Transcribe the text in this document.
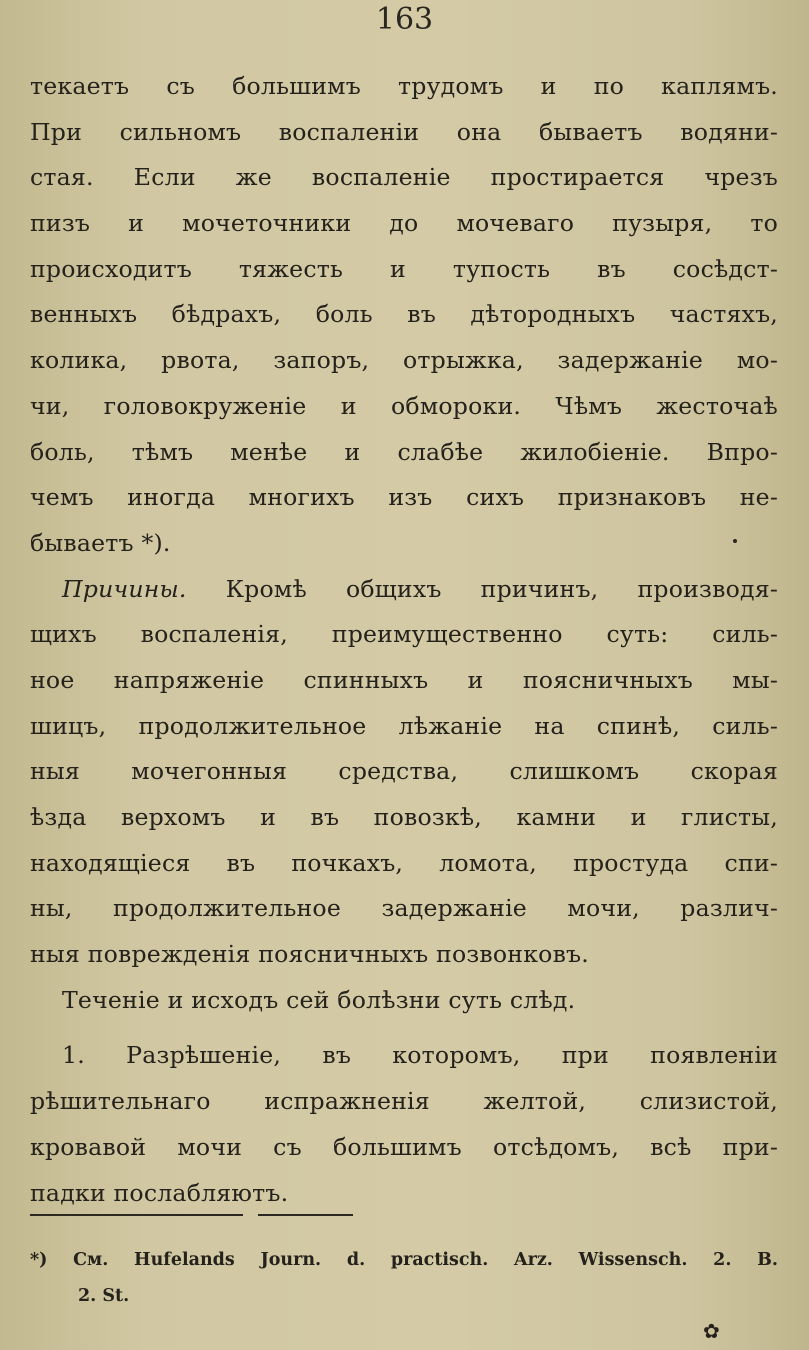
163
текаетъ съ большимъ трудомъ и по каплямъ.
При сильномъ воспаленіи она бываетъ водяни-
стая. Если же воспаленіе простирается чрезъ
пизъ и мочеточники до мочеваго пузыря, то
происходитъ тяжесть и тупость въ сосѣдст-
венныхъ бѣдрахъ, боль въ дѣтородныхъ частяхъ,
колика, рвота, запоръ, отрыжка, задержаніе мо-
чи, головокруженіе и обмороки. Чѣмъ жесточаѣ
боль, тѣмъ менѣе и слабѣе жилобіеніе. Впро-
чемъ иногда многихъ изъ сихъ признаковъ не-
бываетъ *).
Причины. Кромѣ общихъ причинъ, производя-
щихъ воспаленія, преимущественно суть: силь-
ное напряженіе спинныхъ и поясничныхъ мы-
шицъ, продолжительное лѣжаніе на спинѣ, силь-
ныя мочегонныя средства, слишкомъ скорая
ѣзда верхомъ и въ повозкѣ, камни и глисты,
находящіеся въ почкахъ, ломота, простуда спи-
ны, продолжительное задержаніе мочи, различ-
ныя поврежденія поясничныхъ позвонковъ.
Теченіе и исходъ сей болѣзни суть слѣд.
1. Разрѣшеніе, въ которомъ, при появленіи
рѣшительнаго испражненія желтой, слизистой,
кровавой мочи съ большимъ отсѣдомъ, всѣ при-
падки послабляютъ.
*) См. Hufelands Journ. d. practisch. Arz. Wissensch. 2. B.
2. St.
✿
